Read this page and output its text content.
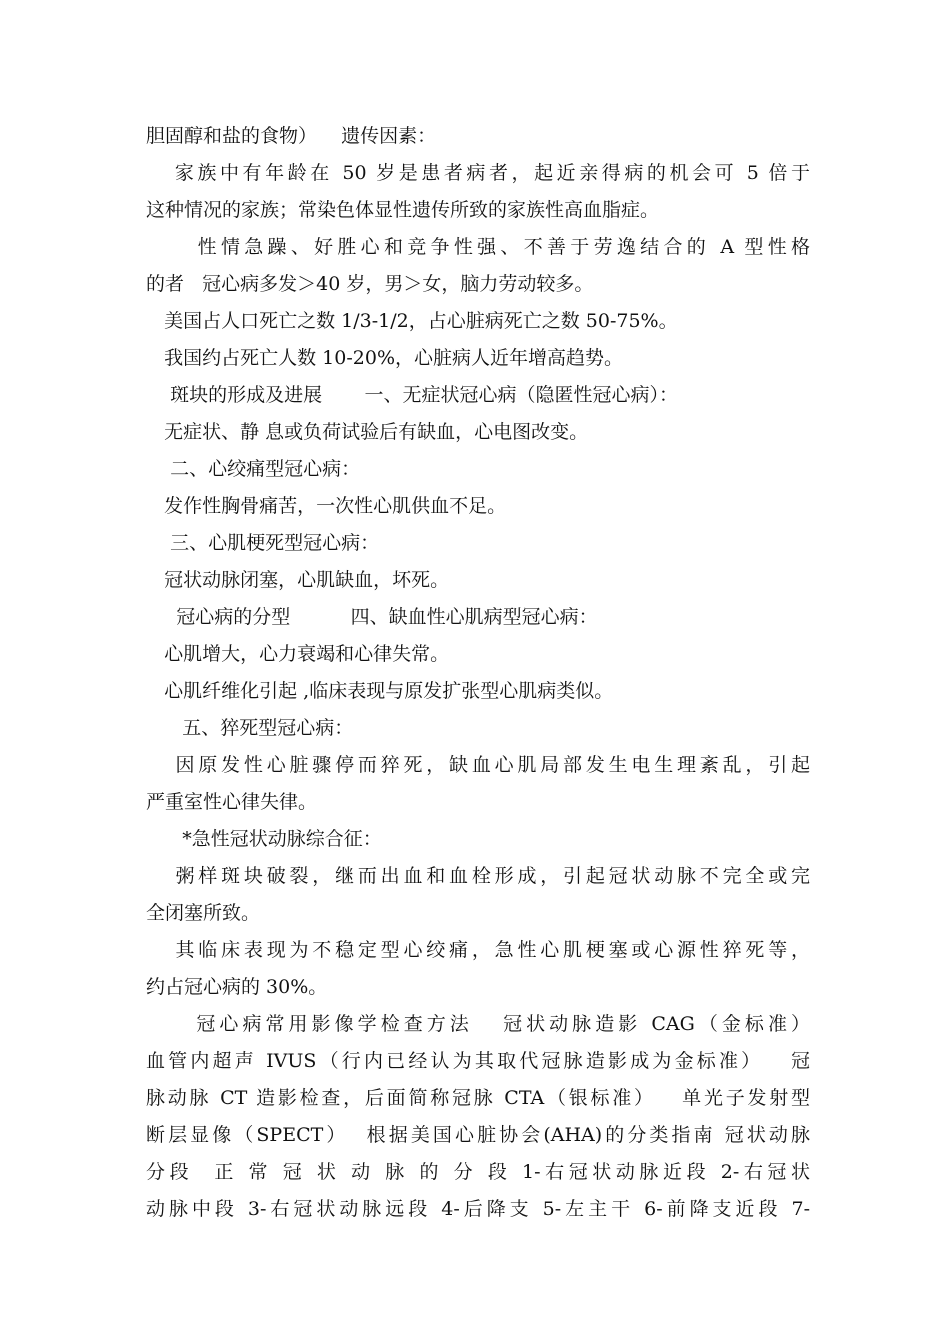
胆固醇和盐的食物）    遗传因素：

家族中有年龄在 50 岁是患者病者，起近亲得病的机会可 5 倍于

这种情况的家族；常染色体显性遗传所致的家族性高血脂症。

性情急躁、好胜心和竞争性强、不善于劳逸结合的 A 型性格

的者   冠心病多发＞40 岁，男＞女，脑力劳动较多。

美国占人口死亡之数 1/3-1/2，占心脏病死亡之数 50-75%。

我国约占死亡人数 10-20%，心脏病人近年增高趋势。

斑块的形成及进展       一、无症状冠心病（隐匿性冠心病）：

无症状、静 息或负荷试验后有缺血，心电图改变。

二、心绞痛型冠心病：

发作性胸骨痛苦，一次性心肌供血不足。

三、心肌梗死型冠心病：

冠状动脉闭塞，心肌缺血，坏死。

冠心病的分型          四、缺血性心肌病型冠心病：

心肌增大，心力衰竭和心律失常。

心肌纤维化引起 ,临床表现与原发扩张型心肌病类似。

五、猝死型冠心病：

因原发性心脏骤停而猝死，缺血心肌局部发生电生理紊乱，引起

严重室性心律失律。

*急性冠状动脉综合征：

粥样斑块破裂，继而出血和血栓形成，引起冠状动脉不完全或完

全闭塞所致。

其临床表现为不稳定型心绞痛，急性心肌梗塞或心源性猝死等，

约占冠心病的 30%。

冠心病常用影像学检查方法   冠状动脉造影 CAG（金标准）

血管内超声 IVUS（行内已经认为其取代冠脉造影成为金标准）   冠

脉动脉 CT 造影检查，后面简称冠脉 CTA（银标准）   单光子发射型

断层显像（SPECT）  根据美国心脏协会(AHA)的分类指南 冠状动脉

分段  正 常 冠 状 动 脉 的 分 段 1-右冠状动脉近段 2-右冠状

动脉中段 3-右冠状动脉远段 4-后降支 5-左主干 6-前降支近段 7-
